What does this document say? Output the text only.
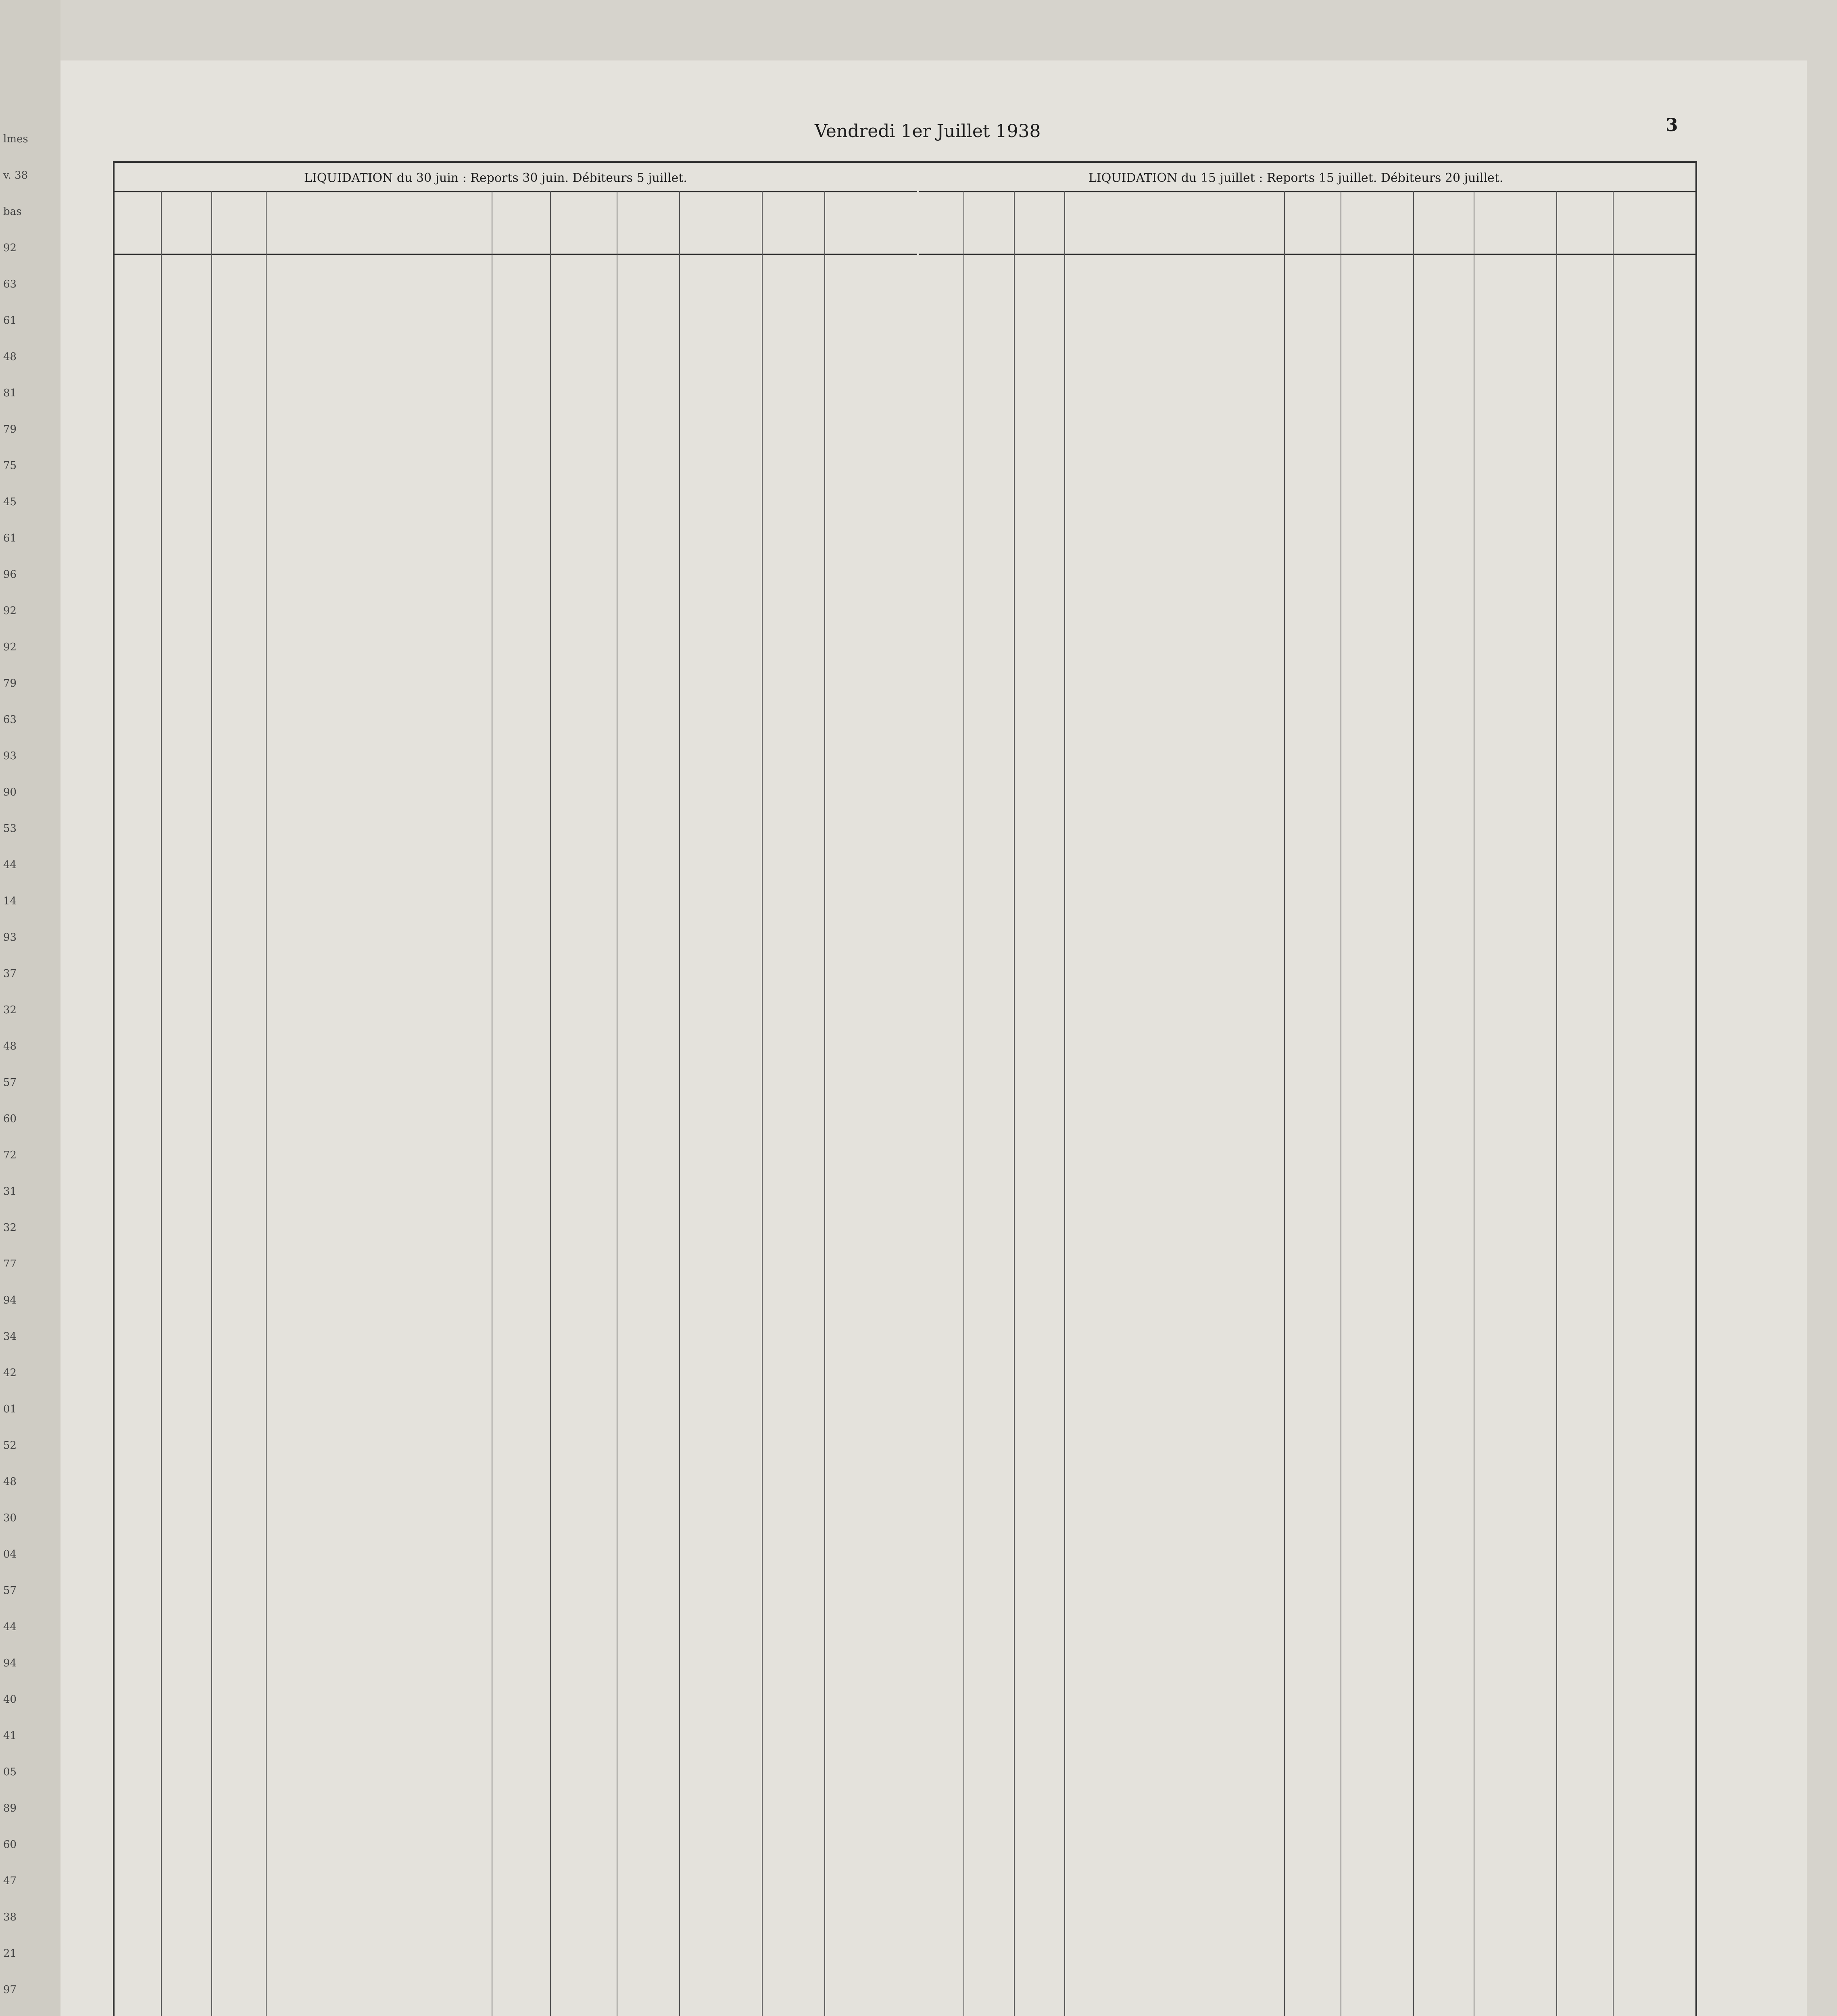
lmes
v. 38
bas
92
63
61
48
81
79
75
45
61
96
92
92
79
63
93
90
53
44
14
93
37
32
48
57
60
72
31
32
77
94
34
42
01
52
48
30
04
57
44
94
40
41
05
89
60
47
38
21
97
Vendredi 1er Juillet 1938	3
LIQUIDATION du 30 juin : Reports 30 juin. Débiteurs 5 juillet.	LIQUIDATION du 15 juillet : Reports 15 juillet. Débiteurs 20 juillet.
